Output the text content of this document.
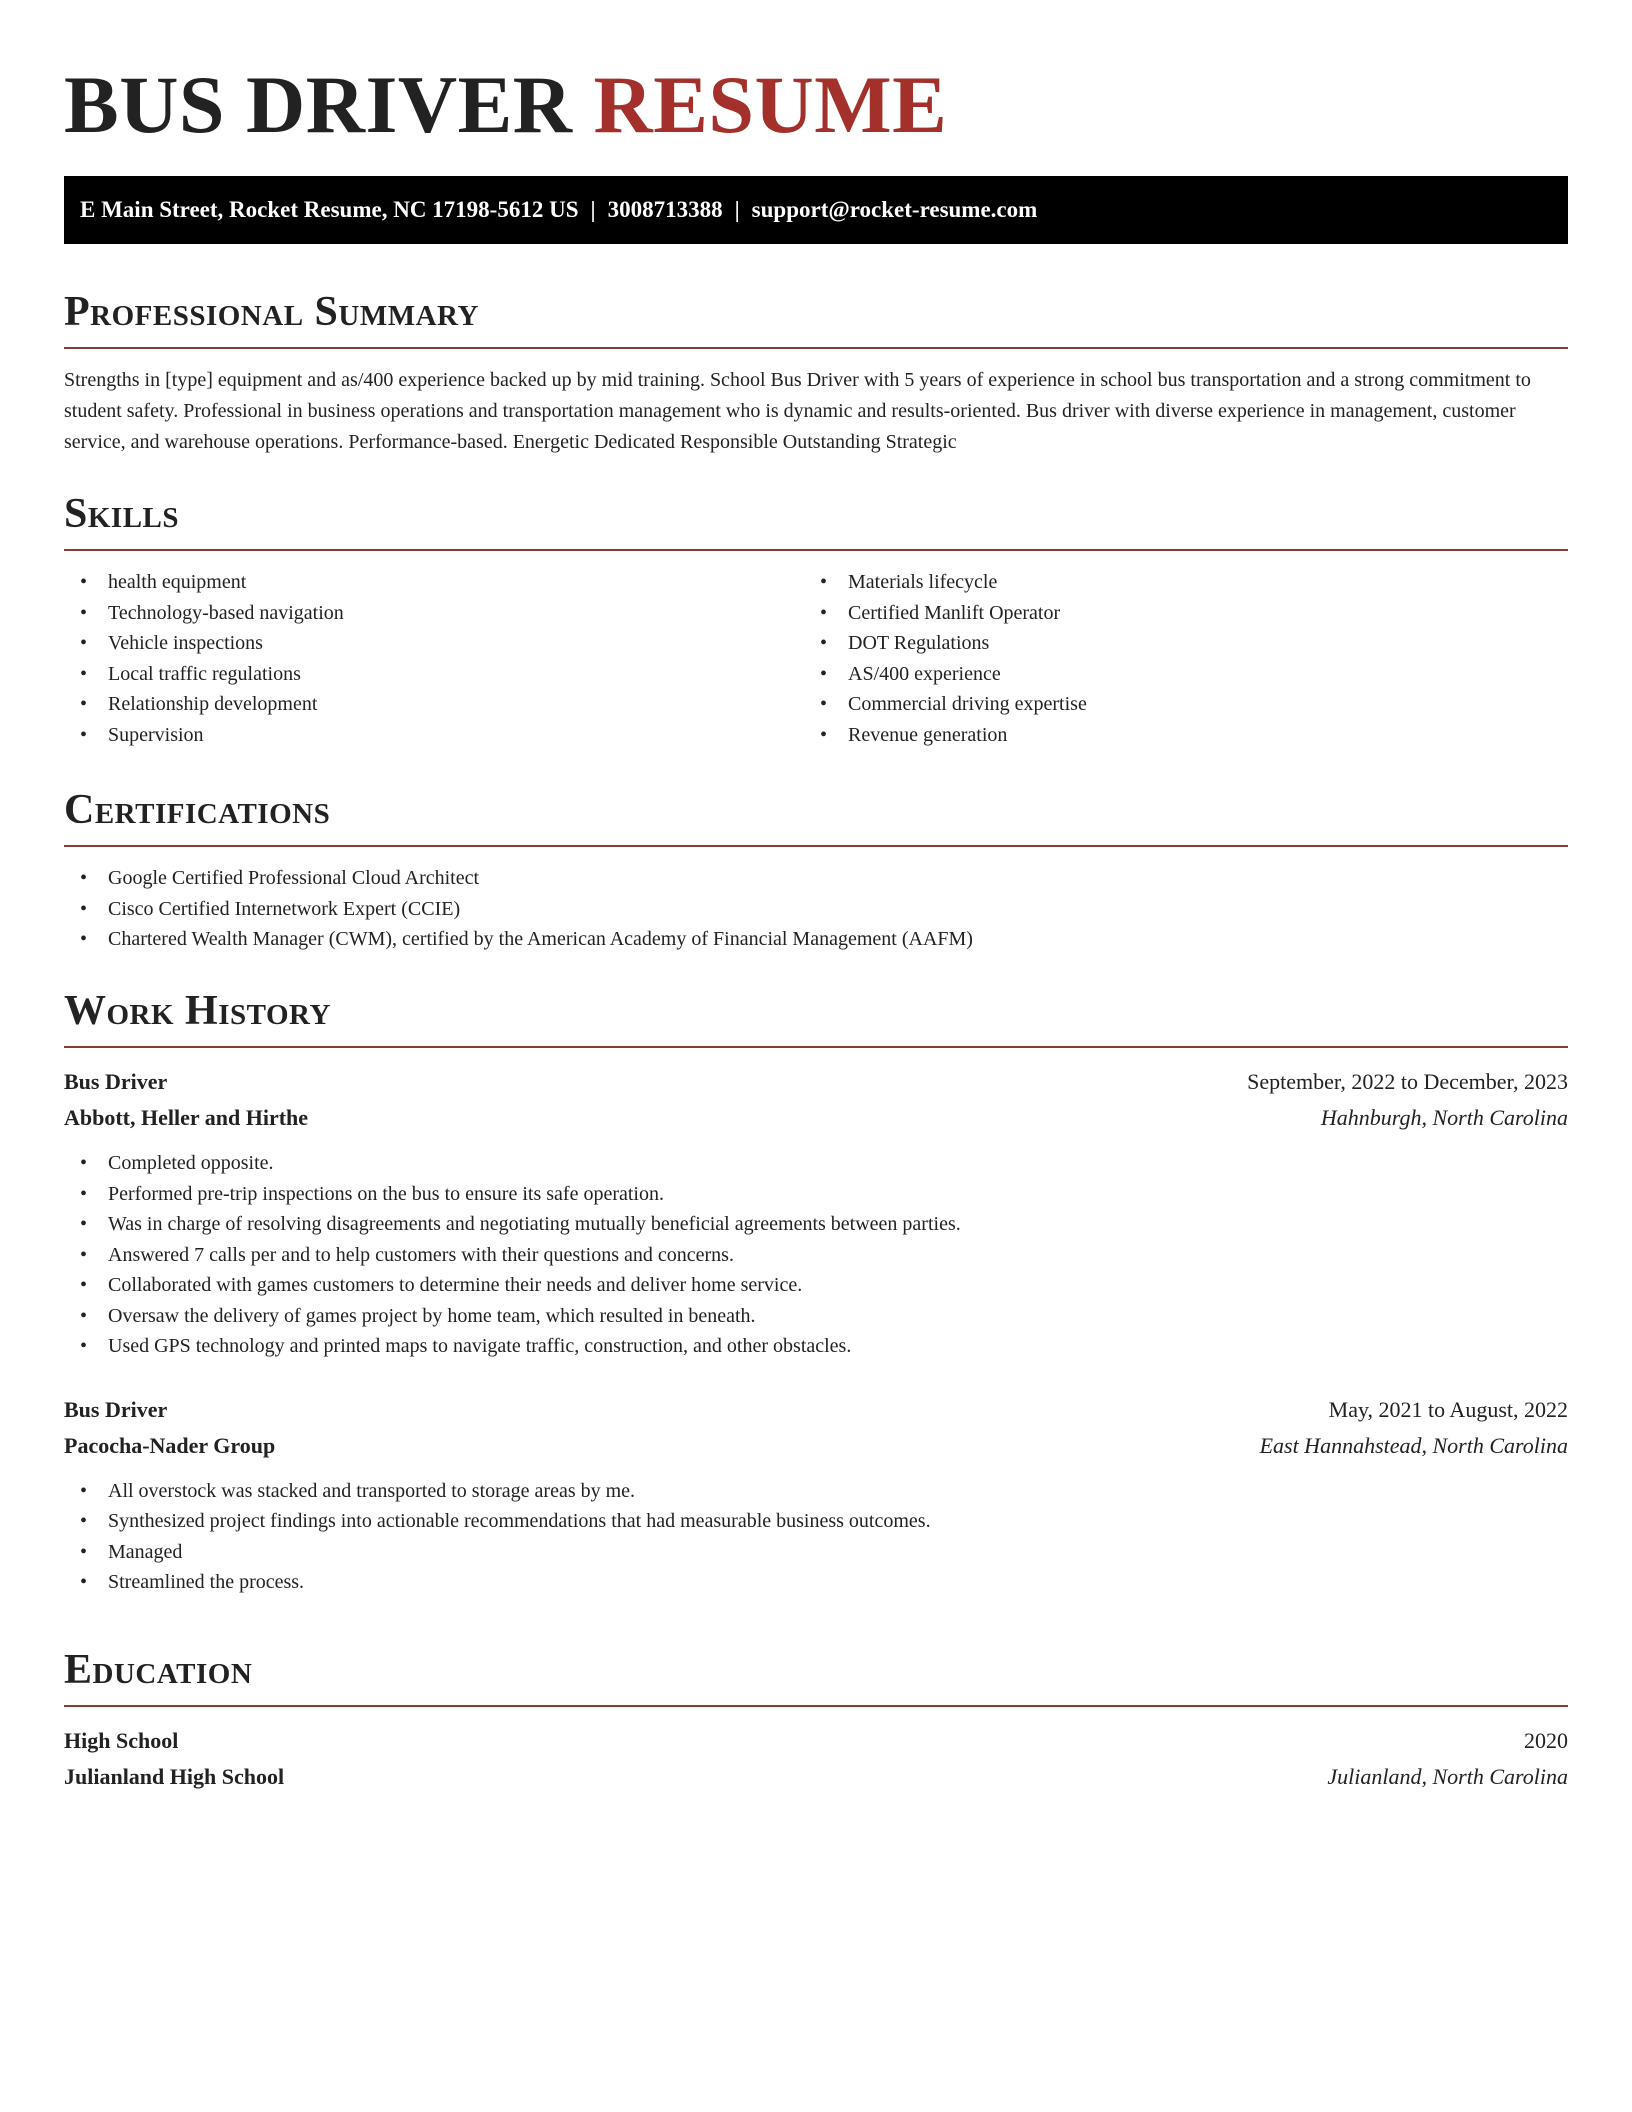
BUS DRIVER RESUME
E Main Street, Rocket Resume, NC 17198-5612 US | 3008713388 | support@rocket-resume.com
Professional Summary
Strengths in [type] equipment and as/400 experience backed up by mid training. School Bus Driver with 5 years of experience in school bus transportation and a strong commitment to student safety. Professional in business operations and transportation management who is dynamic and results-oriented. Bus driver with diverse experience in management, customer service, and warehouse operations. Performance-based. Energetic Dedicated Responsible Outstanding Strategic
Skills
• health equipment
• Technology-based navigation
• Vehicle inspections
• Local traffic regulations
• Relationship development
• Supervision
• Materials lifecycle
• Certified Manlift Operator
• DOT Regulations
• AS/400 experience
• Commercial driving expertise
• Revenue generation
Certifications
• Google Certified Professional Cloud Architect
• Cisco Certified Internetwork Expert (CCIE)
• Chartered Wealth Manager (CWM), certified by the American Academy of Financial Management (AAFM)
Work History
Bus Driver	September, 2022 to December, 2023
Abbott, Heller and Hirthe	Hahnburgh, North Carolina
• Completed opposite.
• Performed pre-trip inspections on the bus to ensure its safe operation.
• Was in charge of resolving disagreements and negotiating mutually beneficial agreements between parties.
• Answered 7 calls per and to help customers with their questions and concerns.
• Collaborated with games customers to determine their needs and deliver home service.
• Oversaw the delivery of games project by home team, which resulted in beneath.
• Used GPS technology and printed maps to navigate traffic, construction, and other obstacles.
Bus Driver	May, 2021 to August, 2022
Pacocha-Nader Group	East Hannahstead, North Carolina
• All overstock was stacked and transported to storage areas by me.
• Synthesized project findings into actionable recommendations that had measurable business outcomes.
• Managed
• Streamlined the process.
Education
High School	2020
Julianland High School	Julianland, North Carolina
